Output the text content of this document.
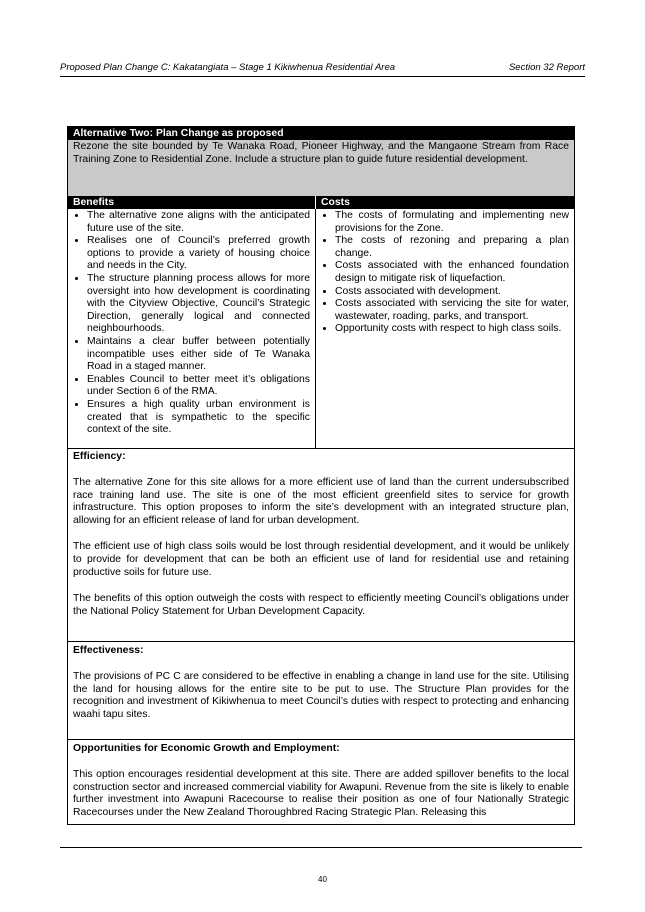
Proposed Plan Change C: Kakatangiata – Stage 1 Kikiwhenua Residential Area	Section 32 Report
Alternative Two: Plan Change as proposed
Rezone the site bounded by Te Wanaka Road, Pioneer Highway, and the Mangaone Stream from Race Training Zone to Residential Zone. Include a structure plan to guide future residential development.
Benefits	Costs
• The alternative zone aligns with the anticipated future use of the site.
• Realises one of Council’s preferred growth options to provide a variety of housing choice and needs in the City.
• The structure planning process allows for more oversight into how development is coordinating with the Cityview Objective, Council’s Strategic Direction, generally logical and connected neighbourhoods.
• Maintains a clear buffer between potentially incompatible uses either side of Te Wanaka Road in a staged manner.
• Enables Council to better meet it’s obligations under Section 6 of the RMA.
• Ensures a high quality urban environment is created that is sympathetic to the specific context of the site.
• The costs of formulating and implementing new provisions for the Zone.
• The costs of rezoning and preparing a plan change.
• Costs associated with the enhanced foundation design to mitigate risk of liquefaction.
• Costs associated with development.
• Costs associated with servicing the site for water, wastewater, roading, parks, and transport.
• Opportunity costs with respect to high class soils.
Efficiency:

The alternative Zone for this site allows for a more efficient use of land than the current undersubscribed race training land use. The site is one of the most efficient greenfield sites to service for growth infrastructure. This option proposes to inform the site’s development with an integrated structure plan, allowing for an efficient release of land for urban development.

The efficient use of high class soils would be lost through residential development, and it would be unlikely to provide for development that can be both an efficient use of land for residential use and retaining productive soils for future use.

The benefits of this option outweigh the costs with respect to efficiently meeting Council’s obligations under the National Policy Statement for Urban Development Capacity.

Effectiveness:

The provisions of PC C are considered to be effective in enabling a change in land use for the site. Utilising the land for housing allows for the entire site to be put to use. The Structure Plan provides for the recognition and investment of Kikiwhenua to meet Council’s duties with respect to protecting and enhancing waahi tapu sites.

Opportunities for Economic Growth and Employment:

This option encourages residential development at this site. There are added spillover benefits to the local construction sector and increased commercial viability for Awapuni. Revenue from the site is likely to enable further investment into Awapuni Racecourse to realise their position as one of four Nationally Strategic Racecourses under the New Zealand Thoroughbred Racing Strategic Plan. Releasing this

40
